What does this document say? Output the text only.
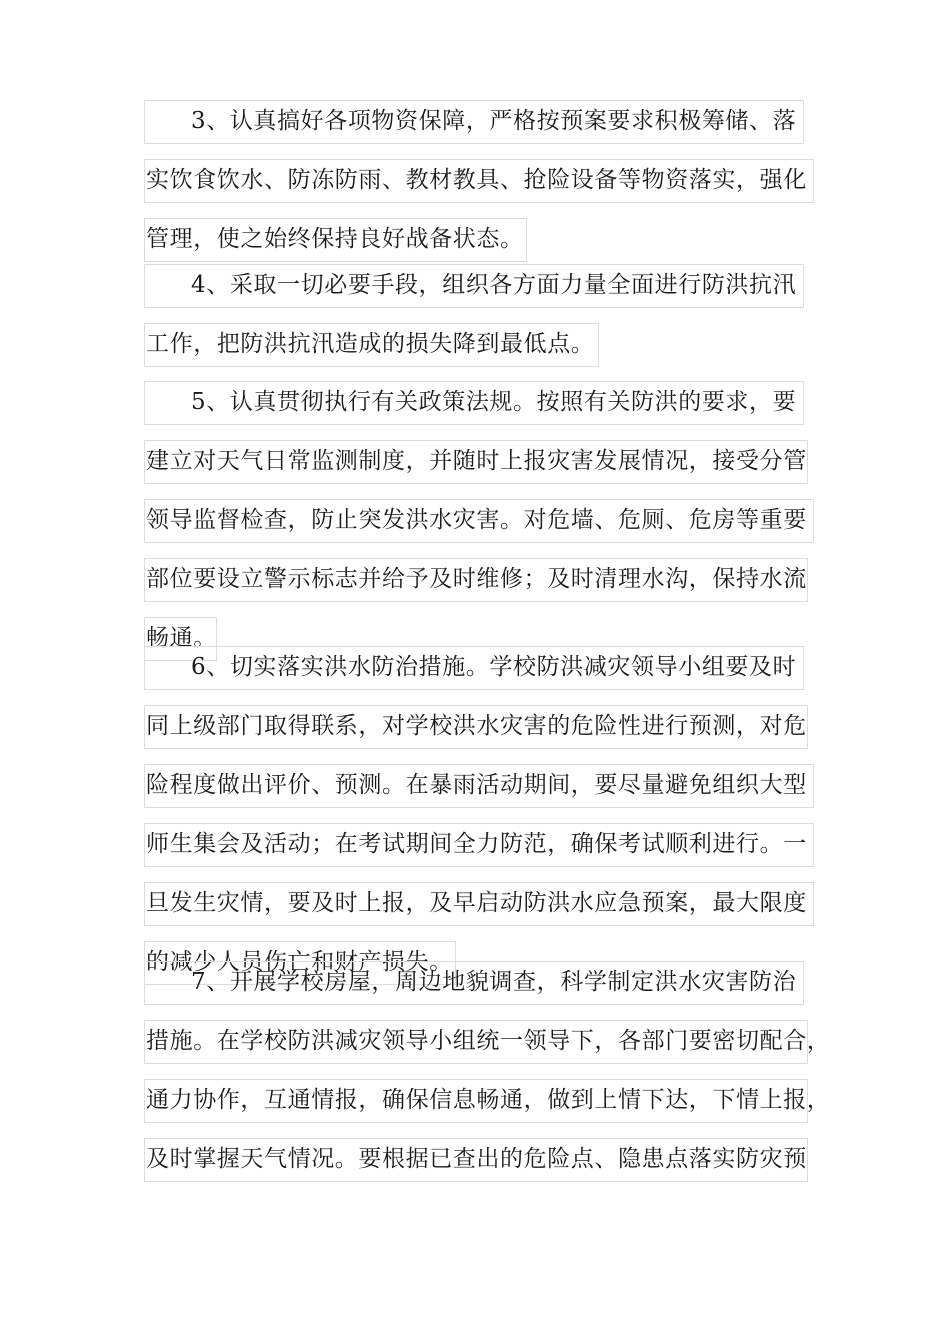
3、认真搞好各项物资保障，严格按预案要求积极筹储、落
实饮食饮水、防冻防雨、教材教具、抢险设备等物资落实，强化
管理，使之始终保持良好战备状态。
4、采取一切必要手段，组织各方面力量全面进行防洪抗汛
工作，把防洪抗汛造成的损失降到最低点。
5、认真贯彻执行有关政策法规。按照有关防洪的要求，要
建立对天气日常监测制度，并随时上报灾害发展情况，接受分管
领导监督检查，防止突发洪水灾害。对危墙、危厕、危房等重要
部位要设立警示标志并给予及时维修；及时清理水沟，保持水流
畅通。
6、切实落实洪水防治措施。学校防洪减灾领导小组要及时
同上级部门取得联系，对学校洪水灾害的危险性进行预测，对危
险程度做出评价、预测。在暴雨活动期间，要尽量避免组织大型
师生集会及活动；在考试期间全力防范，确保考试顺利进行。一
旦发生灾情，要及时上报，及早启动防洪水应急预案，最大限度
的减少人员伤亡和财产损失。
7、开展学校房屋，周边地貌调查，科学制定洪水灾害防治
措施。在学校防洪减灾领导小组统一领导下，各部门要密切配合，
通力协作，互通情报，确保信息畅通，做到上情下达，下情上报，
及时掌握天气情况。要根据已查出的危险点、隐患点落实防灾预
